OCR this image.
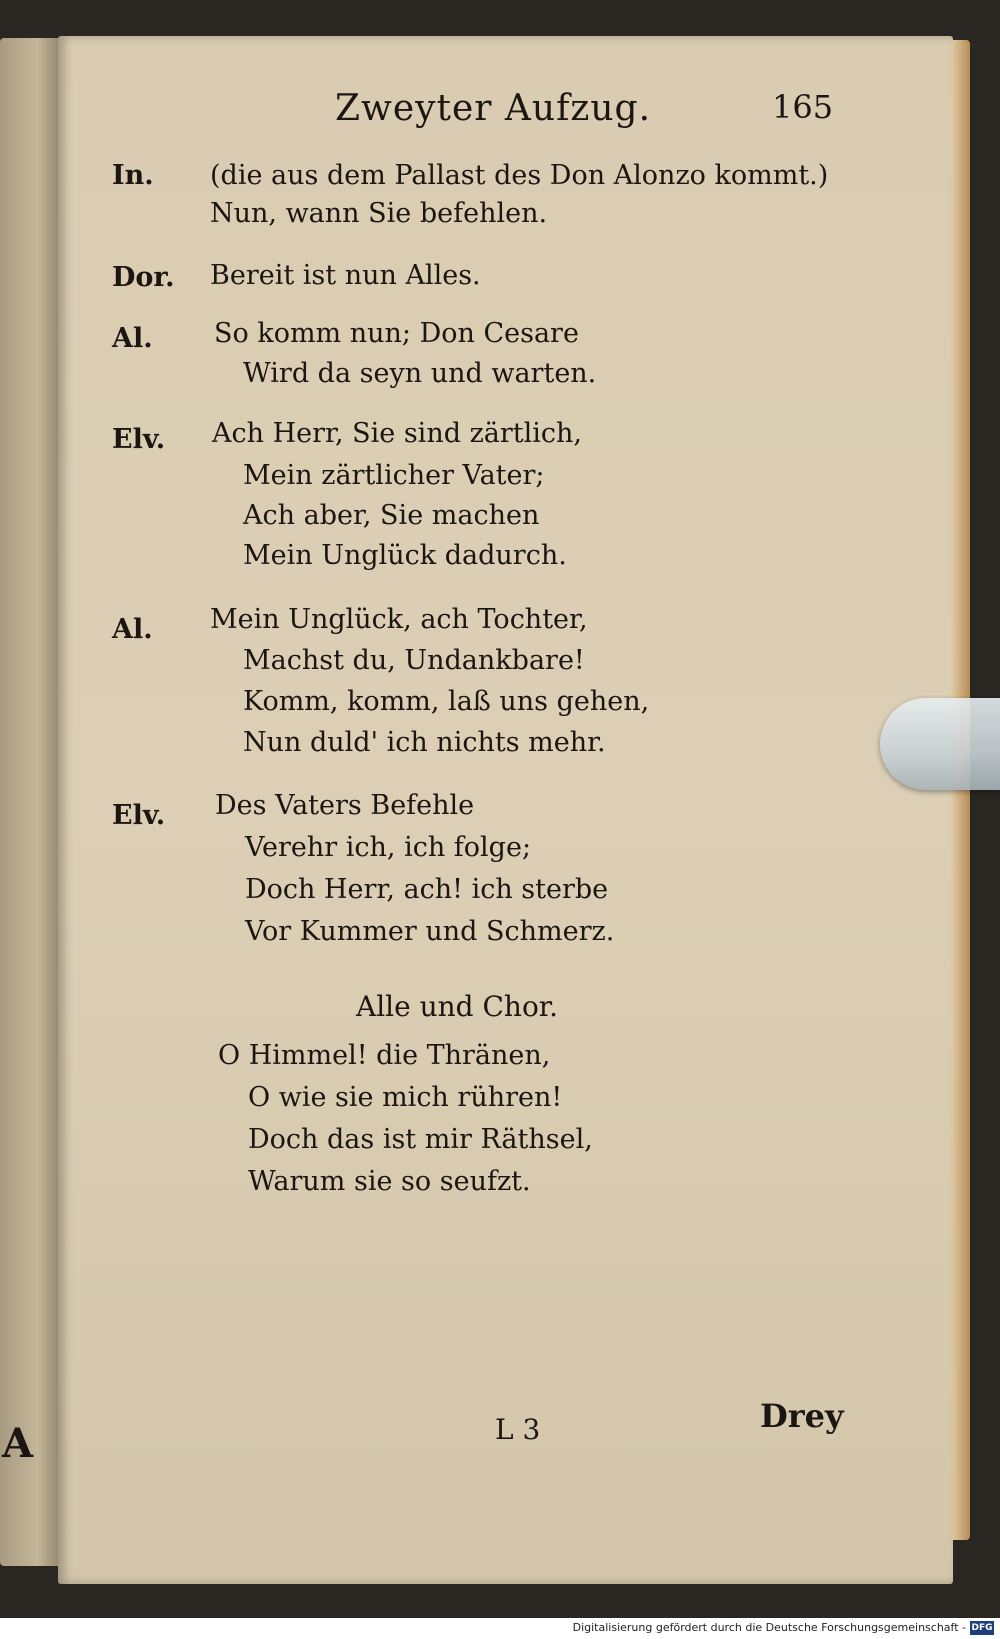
A
Zweyter Aufzug.	165
In. (die aus dem Pallast des Don Alonzo kommt.)
Nun, wann Sie befehlen.
Dor. Bereit ist nun Alles.
Al. So komm nun; Don Cesare
Wird da seyn und warten.
Elv. Ach Herr, Sie sind zärtlich,
Mein zärtlicher Vater;
Ach aber, Sie machen
Mein Unglück dadurch.
Al. Mein Unglück, ach Tochter,
Machst du, Undankbare!
Komm, komm, laß uns gehen,
Nun duld' ich nichts mehr.
Elv. Des Vaters Befehle
Verehr ich, ich folge;
Doch Herr, ach! ich sterbe
Vor Kummer und Schmerz.
Alle und Chor.
O Himmel! die Thränen,
O wie sie mich rühren!
Doch das ist mir Räthsel,
Warum sie so seufzt.
L 3	Drey
Digitalisierung gefördert durch die Deutsche Forschungsgemeinschaft - DFG
